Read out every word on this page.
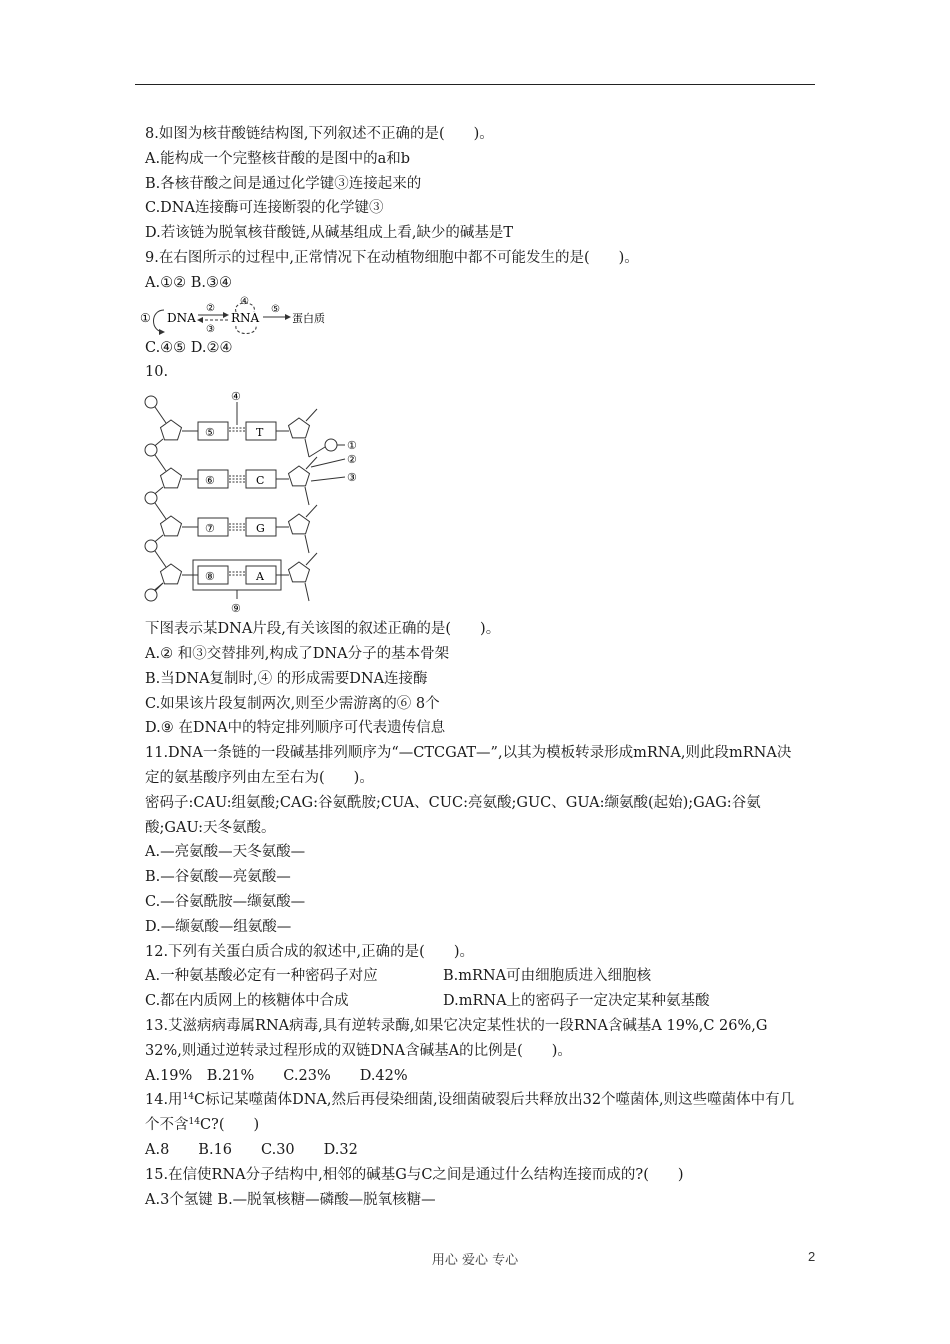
8.如图为核苷酸链结构图,下列叙述不正确的是(　　)。
A.能构成一个完整核苷酸的是图中的a和b
B.各核苷酸之间是通过化学键③连接起来的
C.DNA连接酶可连接断裂的化学键③
D.若该链为脱氧核苷酸链,从碱基组成上看,缺少的碱基是T
9.在右图所示的过程中,正常情况下在动植物细胞中都不可能发生的是(　　)。
A.①② B.③④
① DNA
②
③
RNA
④
⑤
蛋白质
C.④⑤ D.②④
10.
⑤	T
⑥	C
⑦	G
⑧	A
①
②
③
④
⑨
下图表示某DNA片段,有关该图的叙述正确的是(　　)。
A.② 和③交替排列,构成了DNA分子的基本骨架
B.当DNA复制时,④ 的形成需要DNA连接酶
C.如果该片段复制两次,则至少需游离的⑥ 8个
D.⑨ 在DNA中的特定排列顺序可代表遗传信息
11.DNA一条链的一段碱基排列顺序为“—CTCGAT—”,以其为模板转录形成mRNA,则此段mRNA决定的氨基酸序列由左至右为(　　)。
密码子:CAU:组氨酸;CAG:谷氨酰胺;CUA、CUC:亮氨酸;GUC、GUA:缬氨酸(起始);GAG:谷氨酸;GAU:天冬氨酸。
A.—亮氨酸—天冬氨酸—
B.—谷氨酸—亮氨酸—
C.—谷氨酰胺—缬氨酸—
D.—缬氨酸—组氨酸—
12.下列有关蛋白质合成的叙述中,正确的是(　　)。
A.一种氨基酸必定有一种密码子对应	B.mRNA可由细胞质进入细胞核
C.都在内质网上的核糖体中合成	D.mRNA上的密码子一定决定某种氨基酸
13.艾滋病病毒属RNA病毒,具有逆转录酶,如果它决定某性状的一段RNA含碱基A 19%,C 26%,G 32%,则通过逆转录过程形成的双链DNA含碱基A的比例是(　　)。
A.19%　B.21%　　C.23%　　D.42%
14.用$^{14}$C标记某噬菌体DNA,然后再侵染细菌,设细菌破裂后共释放出32个噬菌体,则这些噬菌体中有几个不含$^{14}$C?(　　)
A.8　　B.16　　C.30　　D.32
15.在信使RNA分子结构中,相邻的碱基G与C之间是通过什么结构连接而成的?(　　)
A.3个氢键 B.—脱氧核糖—磷酸—脱氧核糖—
用心 爱心 专心	2
